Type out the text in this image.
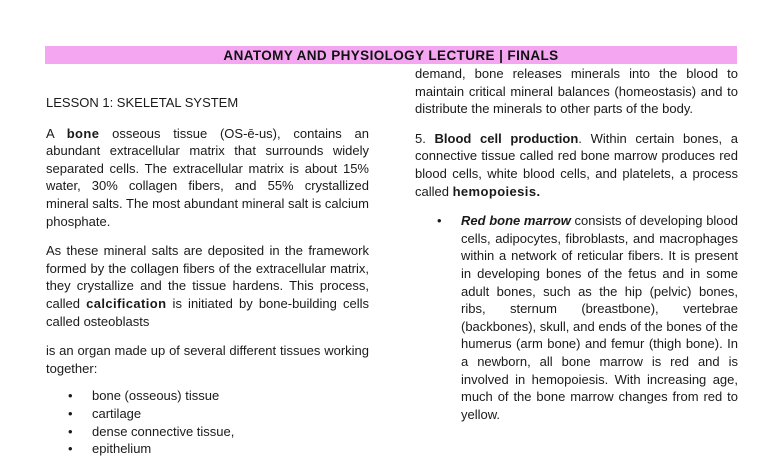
ANATOMY AND PHYSIOLOGY LECTURE | FINALS
LESSON 1: SKELETAL SYSTEM

A bone osseous tissue (OS-ē-us), contains an abundant extracellular matrix that surrounds widely separated cells. The extracellular matrix is about 15% water, 30% collagen fibers, and 55% crystallized mineral salts. The most abundant mineral salt is calcium phosphate.

As these mineral salts are deposited in the framework formed by the collagen fibers of the extracellular matrix, they crystallize and the tissue hardens. This process, called calcification is initiated by bone-building cells called osteoblasts

is an organ made up of several different tissues working together:

• bone (osseous) tissue
• cartilage
• dense connective tissue,
• epithelium

demand, bone releases minerals into the blood to maintain critical mineral balances (homeostasis) and to distribute the minerals to other parts of the body.

5. Blood cell production. Within certain bones, a connective tissue called red bone marrow produces red blood cells, white blood cells, and platelets, a process called hemopoiesis.

• Red bone marrow consists of developing blood cells, adipocytes, fibroblasts, and macrophages within a network of reticular fibers. It is present in developing bones of the fetus and in some adult bones, such as the hip (pelvic) bones, ribs, sternum (breastbone), vertebrae (backbones), skull, and ends of the bones of the humerus (arm bone) and femur (thigh bone). In a newborn, all bone marrow is red and is involved in hemopoiesis. With increasing age, much of the bone marrow changes from red to yellow.
